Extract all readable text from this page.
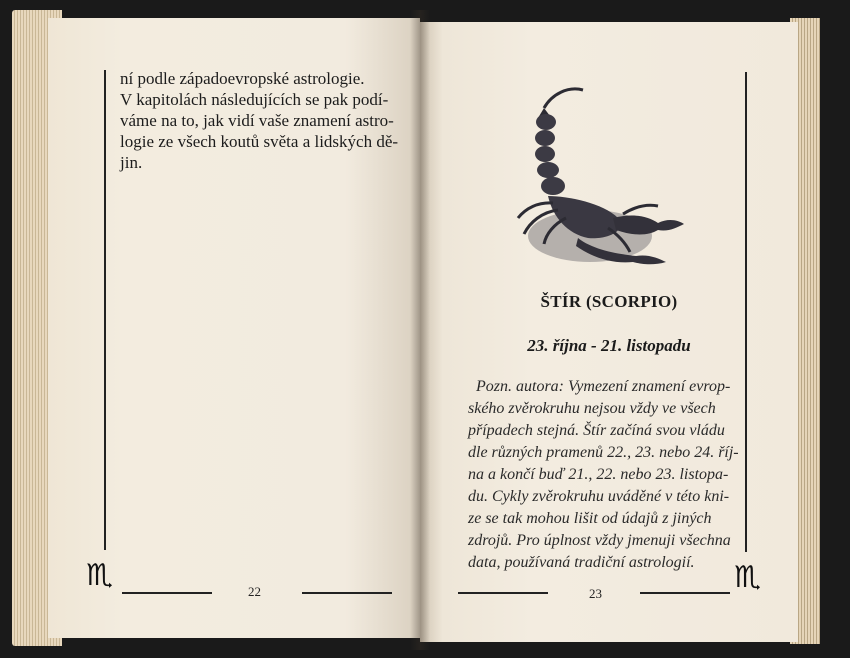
ní podle západoevropské astrologie.
V kapitolách následujících se pak podí-
váme na to, jak vidí vaše znamení astro-
logie ze všech koutů světa a lidských dě-
jin.
♏	22
ŠTÍR (SCORPIO)
23. října - 21. listopadu
Pozn. autora: Vymezení znamení evrop-
ského zvěrokruhu nejsou vždy ve všech
případech stejná. Štír začíná svou vládu
dle různých pramenů 22., 23. nebo 24. říj-
na a končí buď 21., 22. nebo 23. listopa-
du. Cykly zvěrokruhu uváděné v této kni-
ze se tak mohou lišit od údajů z jiných
zdrojů. Pro úplnost vždy jmenuji všechna
data, používaná tradiční astrologií.
23	♏
